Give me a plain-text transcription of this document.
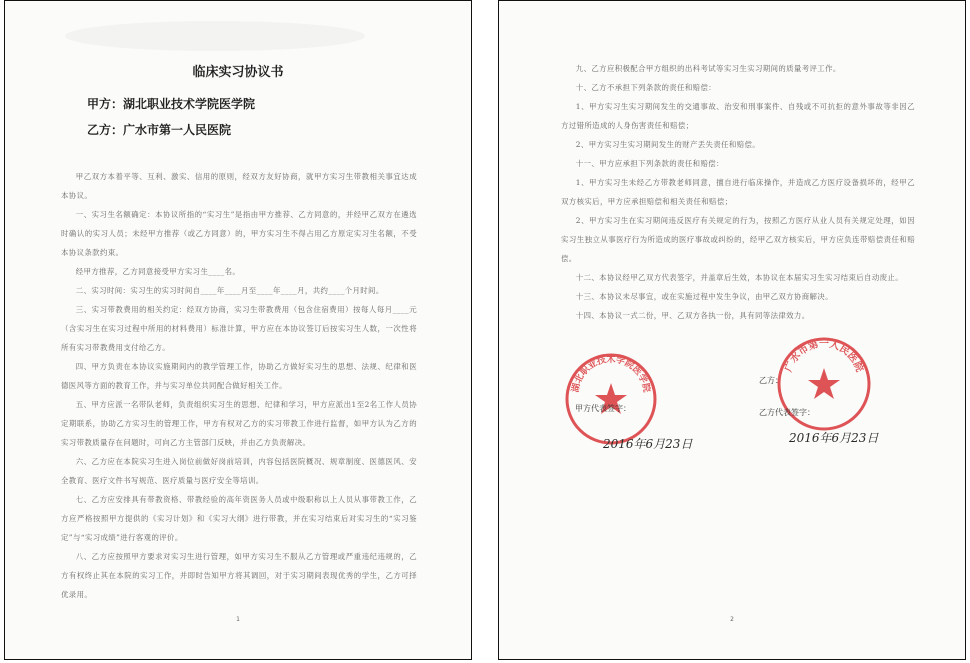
临床实习协议书
甲方：湖北职业技术学院医学院
乙方：广水市第一人民医院

甲乙双方本着平等、互利、激实、信用的原则，经双方友好协商，就甲方实习生带教相关事宜达成本协议。

一、实习生名额确定：本协议所指的“实习生”是指由甲方推荐、乙方同意的，并经甲乙双方在遴选时确认的实习人员；未经甲方推荐（或乙方同意）的，甲方实习生不得占用乙方原定实习生名额，不受本协议条款约束。

经甲方推荐，乙方同意接受甲方实习生____名。

二、实习时间：实习生的实习时间自____年____月至____年____月，共约____个月时间。

三、实习带教费用的相关约定：经双方协商，实习生带教费用（包含住宿费用）按每人每月____元（含实习生在实习过程中所用的材料费用）标准计算，甲方应在本协议签订后按实习生人数，一次性将所有实习带教费用支付给乙方。

四、甲方负责在本协议实施期间内的教学管理工作，协助乙方做好实习生的思想、法规、纪律和医德医风等方面的教育工作，并与实习单位共同配合做好相关工作。

五、甲方应派一名带队老师，负责组织实习生的思想、纪律和学习，甲方应派出1至2名工作人员协定期联系，协助乙方实习生的管理工作，甲方有权对乙方的实习带教工作进行监督，如甲方认为乙方的实习带教质量存在问题时，可向乙方主管部门反映，并由乙方负责解决。

六、乙方应在本院实习生进入岗位前做好岗前培训，内容包括医院概况、规章制度、医德医风、安全教育、医疗文件书写规范、医疗质量与医疗安全等培训。

七、乙方应安排具有带教资格、带教经验的高年资医务人员或中级职称以上人员从事带教工作，乙方应严格按照甲方提供的《实习计划》和《实习大纲》进行带教，并在实习结束后对实习生的“实习鉴定”与“实习成绩”进行客观的评价。

八、乙方应按照甲方要求对实习生进行管理，如甲方实习生不服从乙方管理或严重违纪违规的，乙方有权终止其在本院的实习工作，并即时告知甲方将其调回，对于实习期间表现优秀的学生，乙方可择优录用。

1

九、乙方应积极配合甲方组织的出科考试等实习生实习期间的质量考评工作。

十、乙方不承担下列条款的责任和赔偿：

1、甲方实习生实习期间发生的交通事故、治安和刑事案件、自残或不可抗拒的意外事故等非因乙方过错所造成的人身伤害责任和赔偿；

2、甲方实习生实习期间发生的财产丢失责任和赔偿。

十一、甲方应承担下列条款的责任和赔偿：

1、甲方实习生未经乙方带教老师同意，擅自进行临床操作，并造成乙方医疗设备损坏的，经甲乙双方核实后，甲方应承担赔偿和相关责任和赔偿；

2、甲方实习生在实习期间违反医疗有关规定的行为，按照乙方医疗从业人员有关规定处理，如因实习生独立从事医疗行为所造成的医疗事故或纠纷的，经甲乙双方核实后，甲方应负连带赔偿责任和赔偿。

十二、本协议经甲乙双方代表签字，并盖章后生效，本协议在本届实习生实习结束后自动废止。

十三、本协议未尽事宜，或在实施过程中发生争议，由甲乙双方协商解决。

十四、本协议一式二份，甲、乙双方各执一份，具有同等法律效力。

湖北职业技术学院医学院
广水市第一人民医院
甲方代表签字：
乙方：
乙方代表签字：
2016年6月23日	2016年6月23日
2
